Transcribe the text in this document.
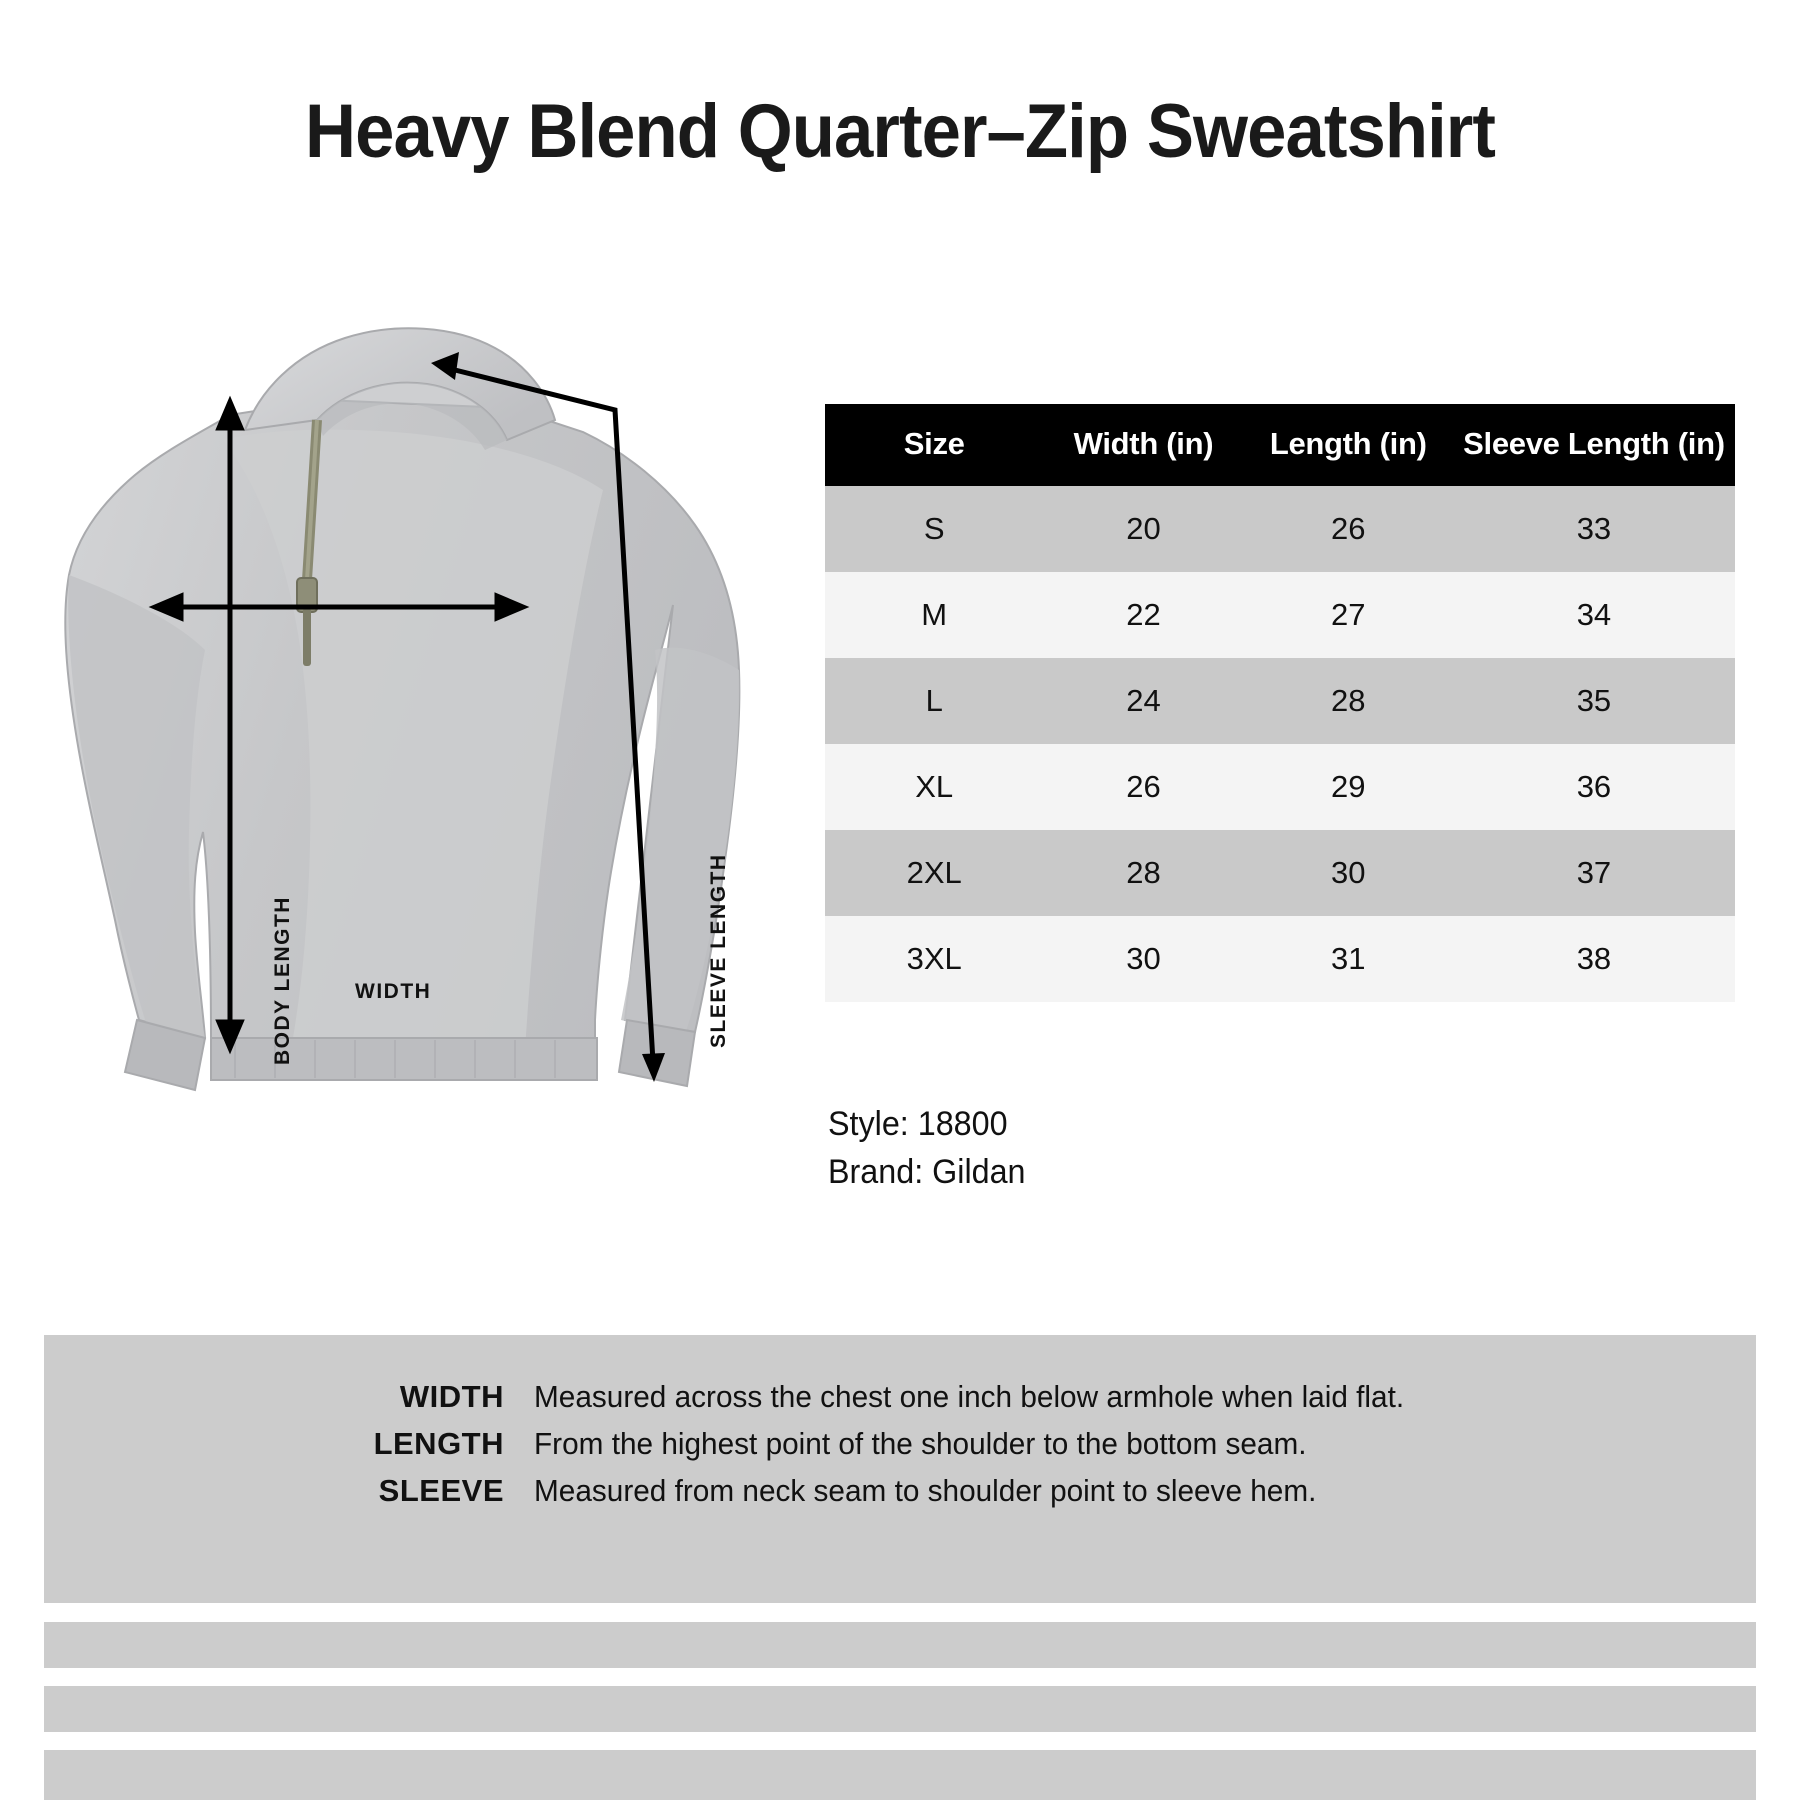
Heavy Blend Quarter–Zip Sweatshirt
WIDTH
BODY LENGTH	SLEEVE LENGTH
Size	Width (in)	Length (in)	Sleeve Length (in)
S	20	26	33
M	22	27	34
L	24	28	35
XL	26	29	36
2XL	28	30	37
3XL	30	31	38
Style: 18800
Brand: Gildan
WIDTH Measured across the chest one inch below armhole when laid flat.
LENGTH From the highest point of the shoulder to the bottom seam.
SLEEVE Measured from neck seam to shoulder point to sleeve hem.
